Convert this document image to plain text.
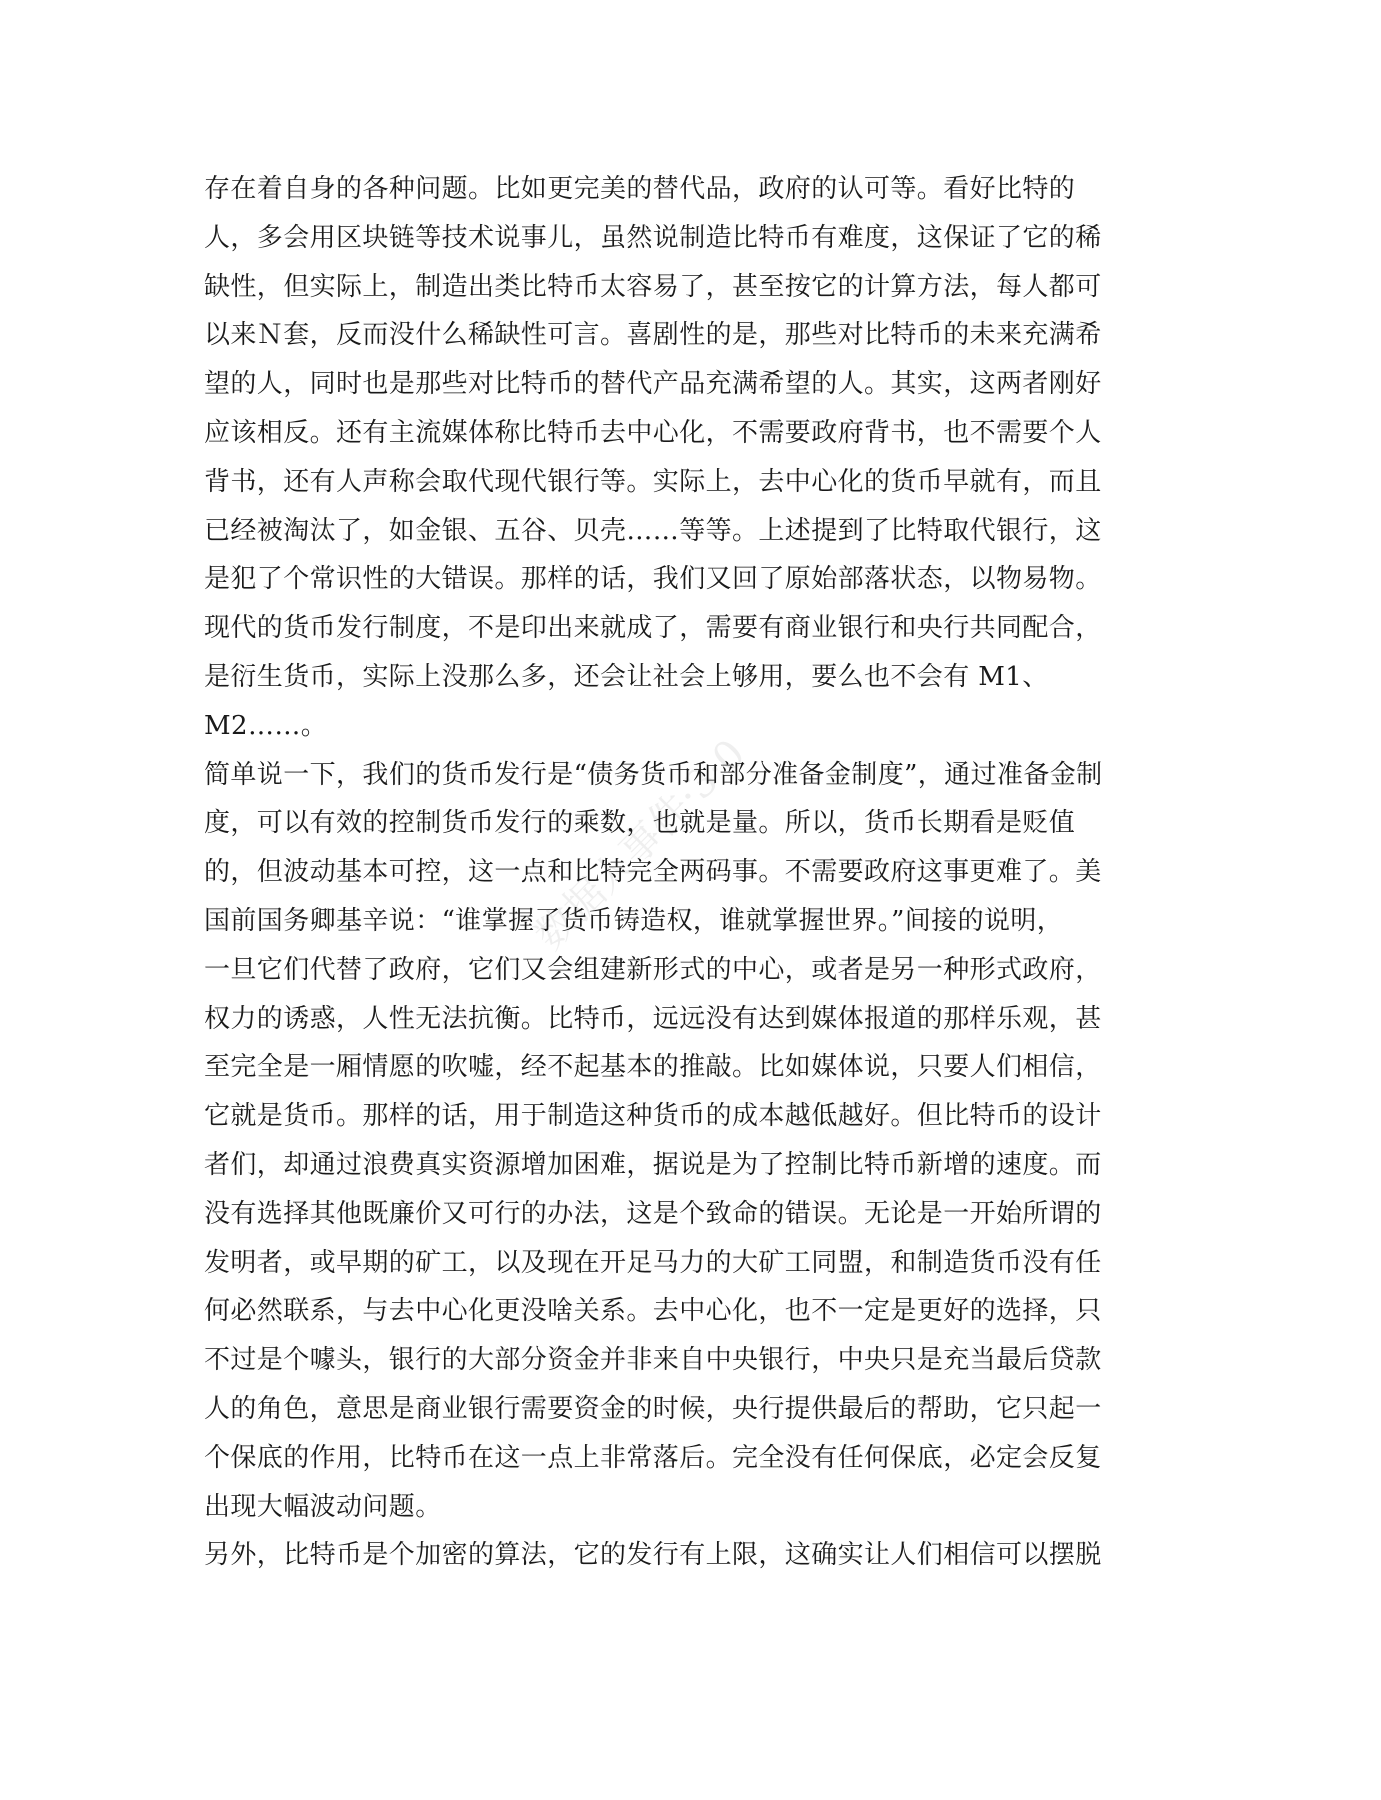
数据人事件·3·0
存在着自身的各种问题。比如更完美的替代品，政府的认可等。看好比特的
人，多会用区块链等技术说事儿，虽然说制造比特币有难度，这保证了它的稀
缺性，但实际上，制造出类比特币太容易了，甚至按它的计算方法，每人都可
以来Ｎ套，反而没什么稀缺性可言。喜剧性的是，那些对比特币的未来充满希
望的人，同时也是那些对比特币的替代产品充满希望的人。其实，这两者刚好
应该相反。还有主流媒体称比特币去中心化，不需要政府背书，也不需要个人
背书，还有人声称会取代现代银行等。实际上，去中心化的货币早就有，而且
已经被淘汰了，如金银、五谷、贝壳……等等。上述提到了比特取代银行，这
是犯了个常识性的大错误。那样的话，我们又回了原始部落状态，以物易物。
现代的货币发行制度，不是印出来就成了，需要有商业银行和央行共同配合，
是衍生货币，实际上没那么多，还会让社会上够用，要么也不会有 M1、
M2……。
简单说一下，我们的货币发行是“债务货币和部分准备金制度”，通过准备金制
度，可以有效的控制货币发行的乘数，也就是量。所以，货币长期看是贬值
的，但波动基本可控，这一点和比特完全两码事。不需要政府这事更难了。美
国前国务卿基辛说：“谁掌握了货币铸造权，谁就掌握世界。”间接的说明，
一旦它们代替了政府，它们又会组建新形式的中心，或者是另一种形式政府，
权力的诱惑，人性无法抗衡。比特币，远远没有达到媒体报道的那样乐观，甚
至完全是一厢情愿的吹嘘，经不起基本的推敲。比如媒体说，只要人们相信，
它就是货币。那样的话，用于制造这种货币的成本越低越好。但比特币的设计
者们，却通过浪费真实资源增加困难，据说是为了控制比特币新增的速度。而
没有选择其他既廉价又可行的办法，这是个致命的错误。无论是一开始所谓的
发明者，或早期的矿工，以及现在开足马力的大矿工同盟，和制造货币没有任
何必然联系，与去中心化更没啥关系。去中心化，也不一定是更好的选择，只
不过是个噱头，银行的大部分资金并非来自中央银行，中央只是充当最后贷款
人的角色，意思是商业银行需要资金的时候，央行提供最后的帮助，它只起一
个保底的作用，比特币在这一点上非常落后。完全没有任何保底，必定会反复
出现大幅波动问题。
另外，比特币是个加密的算法，它的发行有上限，这确实让人们相信可以摆脱
